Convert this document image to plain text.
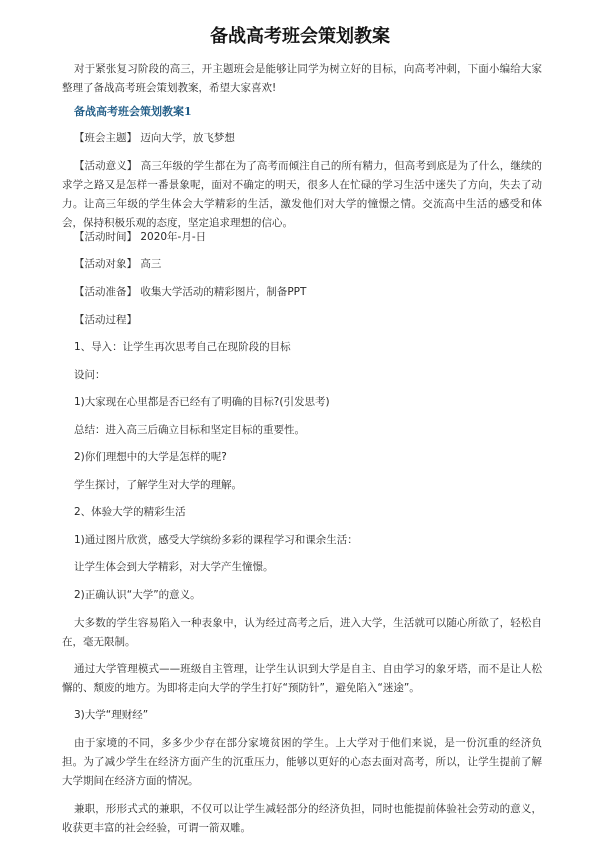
备战高考班会策划教案
对于紧张复习阶段的高三，开主题班会是能够让同学为树立好的目标，向高考冲刺，下面小编给大家整理了备战高考班会策划教案，希望大家喜欢!
备战高考班会策划教案1
【班会主题】 迈向大学，放飞梦想
【活动意义】 高三年级的学生都在为了高考而倾注自己的所有精力，但高考到底是为了什么，继续的求学之路又是怎样一番景象呢，面对不确定的明天，很多人在忙碌的学习生活中迷失了方向，失去了动力。让高三年级的学生体会大学精彩的生活，激发他们对大学的憧憬之情。交流高中生活的感受和体会，保持积极乐观的态度，坚定追求理想的信心。
【活动时间】 2020年-月-日
【活动对象】 高三
【活动准备】 收集大学活动的精彩图片，制备PPT
【活动过程】
1、导入：让学生再次思考自己在现阶段的目标
设问：
1)大家现在心里都是否已经有了明确的目标?(引发思考)
总结：进入高三后确立目标和坚定目标的重要性。
2)你们理想中的大学是怎样的呢?
学生探讨，了解学生对大学的理解。
2、体验大学的精彩生活
1)通过图片欣赏，感受大学缤纷多彩的课程学习和课余生活：
让学生体会到大学精彩，对大学产生憧憬。
2)正确认识“大学”的意义。
大多数的学生容易陷入一种表象中，认为经过高考之后，进入大学，生活就可以随心所欲了，轻松自在，毫无限制。
通过大学管理模式——班级自主管理，让学生认识到大学是自主、自由学习的象牙塔，而不是让人松懈的、颓废的地方。为即将走向大学的学生打好“预防针”，避免陷入“迷途”。
3)大学“理财经”
由于家境的不同，多多少少存在部分家境贫困的学生。上大学对于他们来说，是一份沉重的经济负担。为了减少学生在经济方面产生的沉重压力，能够以更好的心态去面对高考，所以，让学生提前了解大学期间在经济方面的情况。
兼职，形形式式的兼职，不仅可以让学生减轻部分的经济负担，同时也能提前体验社会劳动的意义，收获更丰富的社会经验，可谓一箭双雕。
